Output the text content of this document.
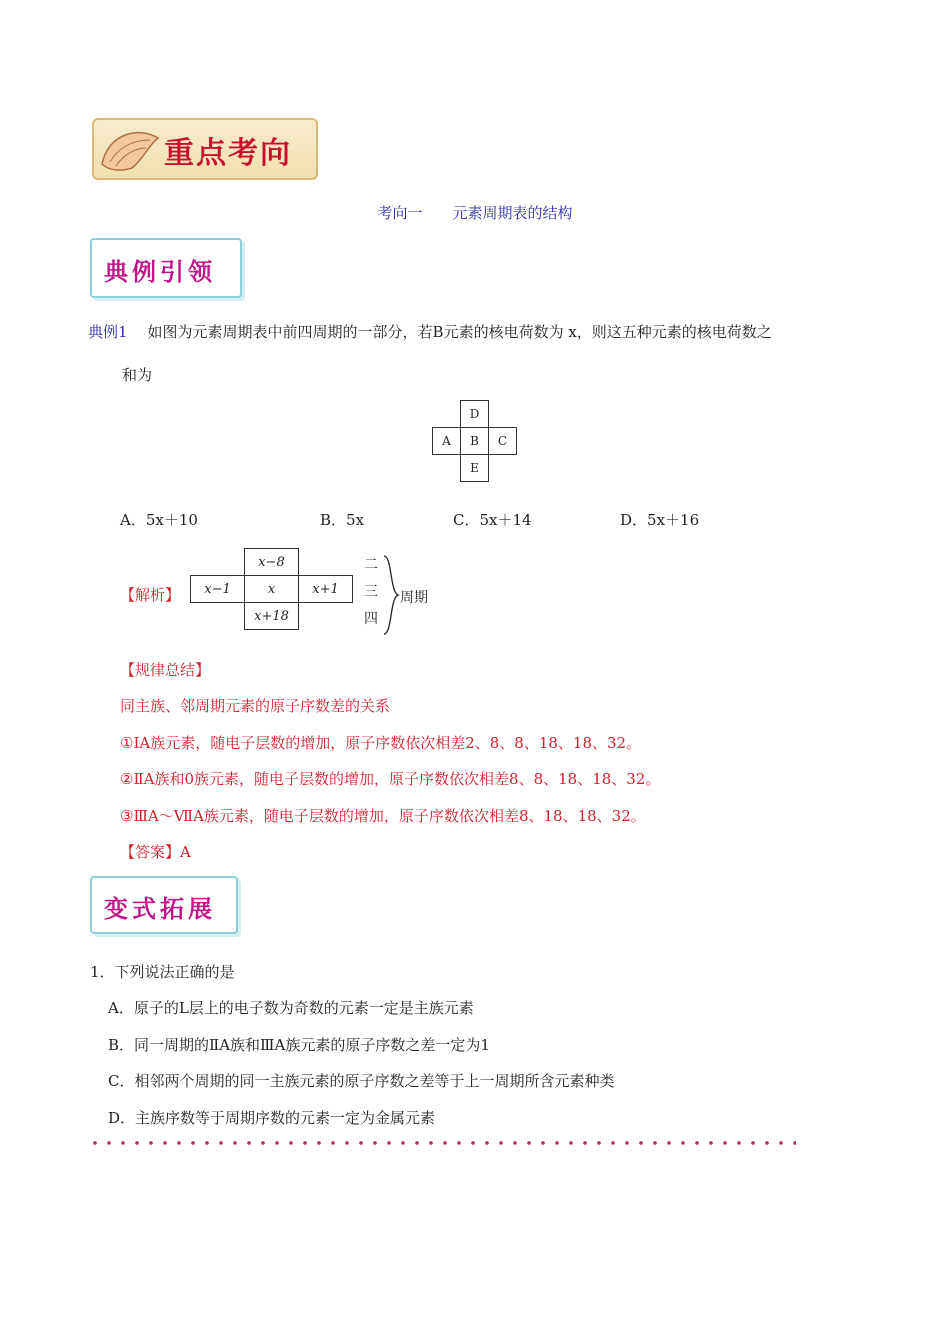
重点考向
考向一　　元素周期表的结构
典例引领
典例1 如图为元素周期表中前四周期的一部分，若B元素的核电荷数为 x，则这五种元素的核电荷数之
和为
	D	
A	B	C
	E	
A．5x＋10	B．5x	C．5x＋14	D．5x＋16
【解析】
	x−8	
x−1	x	x+1
	x+18	
二
三
四
周期
【规律总结】
同主族、邻周期元素的原子序数差的关系
①ⅠA族元素，随电子层数的增加，原子序数依次相差2、8、8、18、18、32。
②ⅡA族和0族元素，随电子层数的增加，原子序数依次相差8、8、18、18、32。
③ⅢA～ⅦA族元素，随电子层数的增加，原子序数依次相差8、18、18、32。
【答案】A
变式拓展
1．下列说法正确的是
A．原子的L层上的电子数为奇数的元素一定是主族元素
B．同一周期的ⅡA族和ⅢA族元素的原子序数之差一定为1
C．相邻两个周期的同一主族元素的原子序数之差等于上一周期所含元素种类
D．主族序数等于周期序数的元素一定为金属元素
